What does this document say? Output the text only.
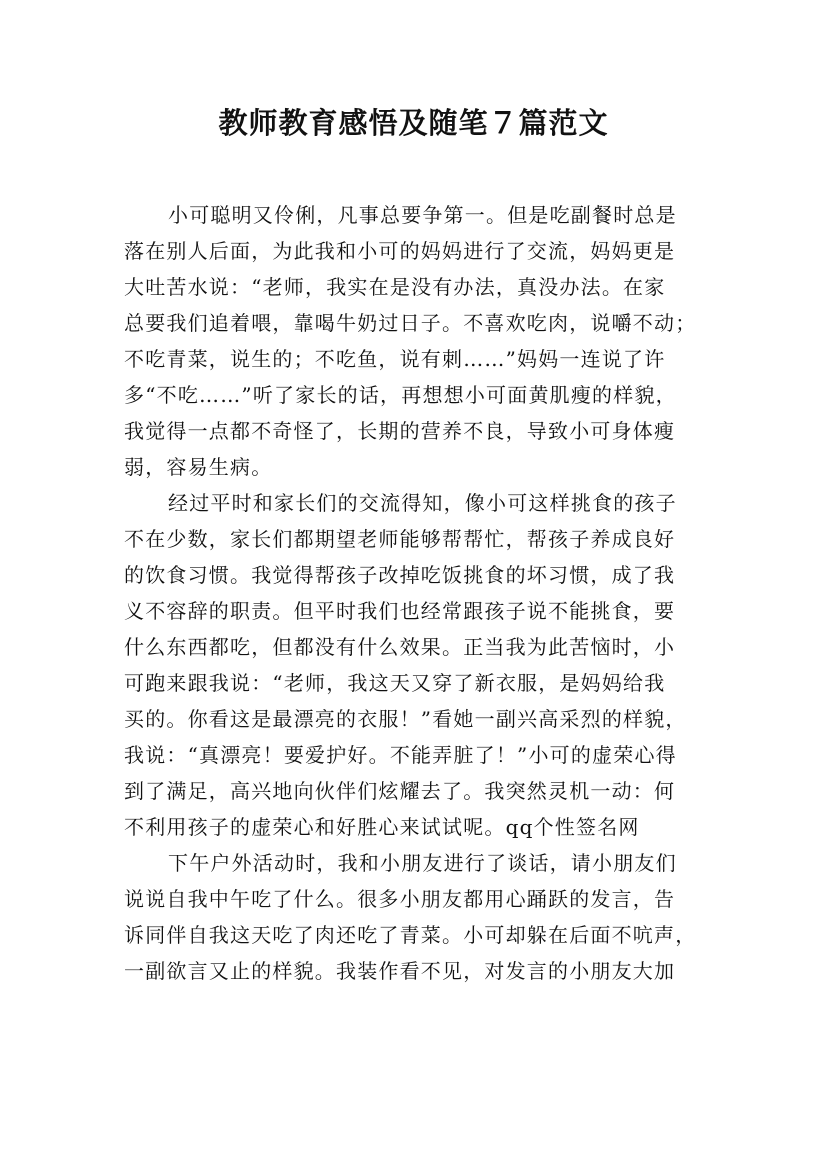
教师教育感悟及随笔７篇范文
小可聪明又伶俐，凡事总要争第一。但是吃副餐时总是
落在别人后面，为此我和小可的妈妈进行了交流，妈妈更是
大吐苦水说：“老师，我实在是没有办法，真没办法。在家
总要我们追着喂，靠喝牛奶过日子。不喜欢吃肉，说嚼不动；
不吃青菜，说生的；不吃鱼，说有刺……”妈妈一连说了许
多“不吃……”听了家长的话，再想想小可面黄肌瘦的样貌，
我觉得一点都不奇怪了，长期的营养不良，导致小可身体瘦
弱，容易生病。
经过平时和家长们的交流得知，像小可这样挑食的孩子
不在少数，家长们都期望老师能够帮帮忙，帮孩子养成良好
的饮食习惯。我觉得帮孩子改掉吃饭挑食的坏习惯，成了我
义不容辞的职责。但平时我们也经常跟孩子说不能挑食，要
什么东西都吃，但都没有什么效果。正当我为此苦恼时，小
可跑来跟我说：“老师，我这天又穿了新衣服，是妈妈给我
买的。你看这是最漂亮的衣服！”看她一副兴高采烈的样貌，
我说：“真漂亮！要爱护好。不能弄脏了！”小可的虚荣心得
到了满足，高兴地向伙伴们炫耀去了。我突然灵机一动：何
不利用孩子的虚荣心和好胜心来试试呢。qq个性签名网
下午户外活动时，我和小朋友进行了谈话，请小朋友们
说说自我中午吃了什么。很多小朋友都用心踊跃的发言，告
诉同伴自我这天吃了肉还吃了青菜。小可却躲在后面不吭声，
一副欲言又止的样貌。我装作看不见，对发言的小朋友大加
